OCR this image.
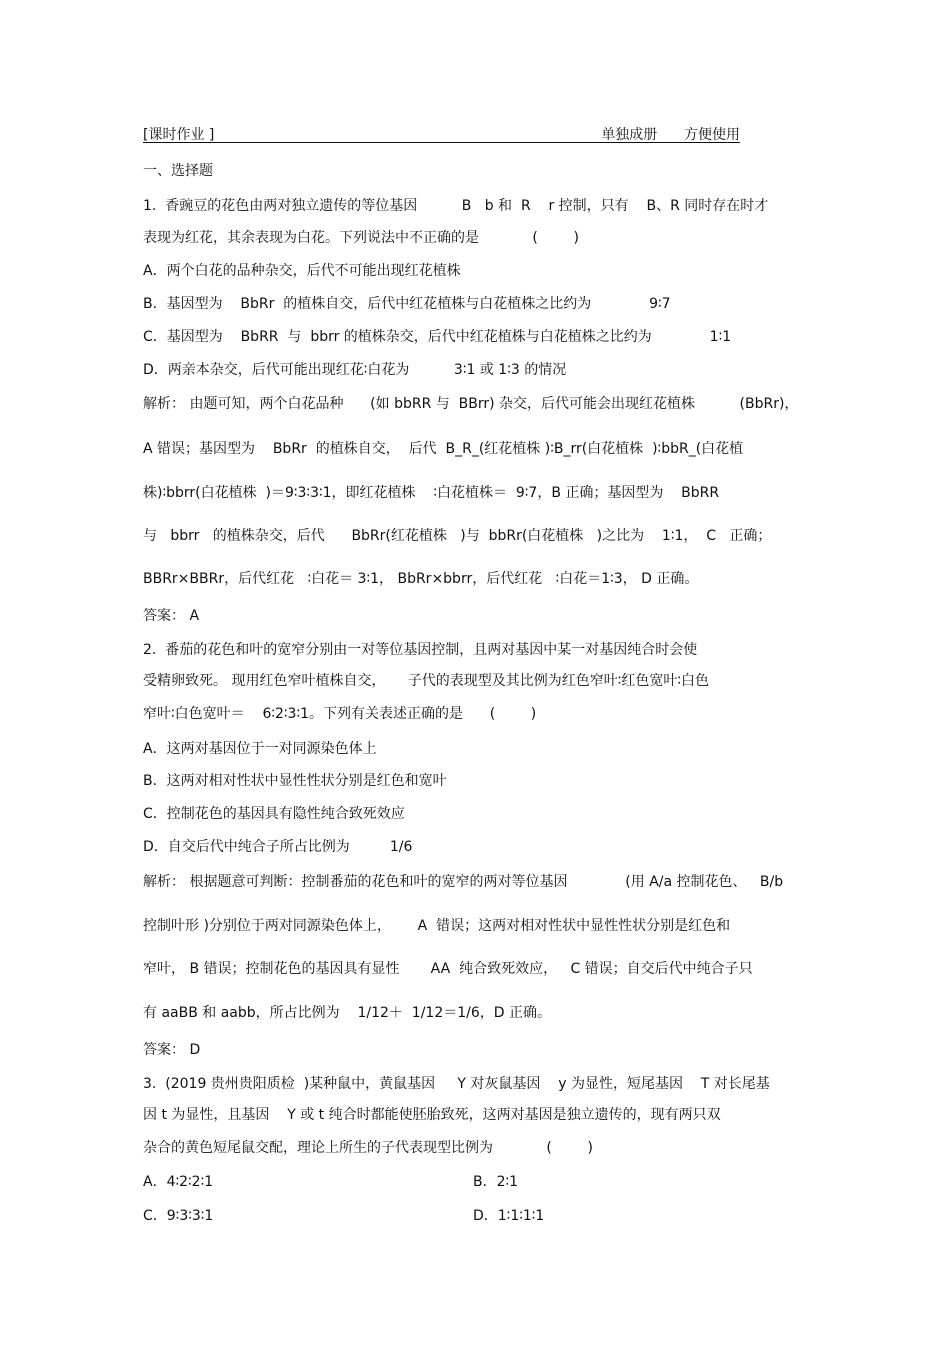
[课时作业 ]	单独成册      方便使用
一、选择题
1.  香豌豆的花色由两对独立遗传的等位基因          B   b 和  R    r 控制，只有    B、R 同时存在时才
表现为红花，其余表现为白花。下列说法中不正确的是            (        )
A．两个白花的品种杂交，后代不可能出现红花植株
B．基因型为    BbRr  的植株自交，后代中红花植株与白花植株之比约为             9∶7
C．基因型为    BbRR  与  bbrr 的植株杂交，后代中红花植株与白花植株之比约为             1∶1
D．两亲本杂交，后代可能出现红花∶白花为          3∶1 或 1∶3 的情况
解析： 由题可知，两个白花品种      (如 bbRR 与  BBrr) 杂交，后代可能会出现红花植株          (BbRr)，
A 错误；基因型为    BbRr  的植株自交，  后代  B_R_(红花植株 )∶B_rr(白花植株  )∶bbR_(白花植
株)∶bbrr(白花植株  )＝9∶3∶3∶1，即红花植株    ∶白花植株＝  9∶7，B 正确；基因型为    BbRR
与   bbrr   的植株杂交，后代      BbRr(红花植株   )与  bbRr(白花植株   )之比为    1∶1，  C   正确；
BBRr×BBRr，后代红花   ∶白花＝ 3∶1， BbRr×bbrr，后代红花   ∶白花＝1∶3， D 正确。
答案： A
2.  番茄的花色和叶的宽窄分别由一对等位基因控制，且两对基因中某一对基因纯合时会使
受精卵致死。 现用红色窄叶植株自交，     子代的表现型及其比例为红色窄叶∶红色宽叶∶白色
窄叶∶白色宽叶＝    6∶2∶3∶1。下列有关表述正确的是      (        )
A．这两对基因位于一对同源染色体上
B．这两对相对性状中显性性状分别是红色和宽叶
C．控制花色的基因具有隐性纯合致死效应
D．自交后代中纯合子所占比例为         1/6
解析： 根据题意可判断：控制番茄的花色和叶的宽窄的两对等位基因             (用 A/a 控制花色、   B/b
控制叶形 )分别位于两对同源染色体上，      A  错误；这两对相对性状中显性性状分别是红色和
窄叶， B 错误；控制花色的基因具有显性       AA  纯合致死效应，   C 错误；自交后代中纯合子只
有 aaBB 和 aabb，所占比例为    1/12＋  1/12＝1/6，D 正确。
答案： D
3.  (2019 贵州贵阳质检  )某种鼠中，黄鼠基因     Y 对灰鼠基因    y 为显性，短尾基因    T 对长尾基
因 t 为显性，且基因    Y 或 t 纯合时都能使胚胎致死，这两对基因是独立遗传的，现有两只双
杂合的黄色短尾鼠交配，理论上所生的子代表现型比例为            (        )
A．4∶2∶2∶1	B．2∶1
C．9∶3∶3∶1	D．1∶1∶1∶1
